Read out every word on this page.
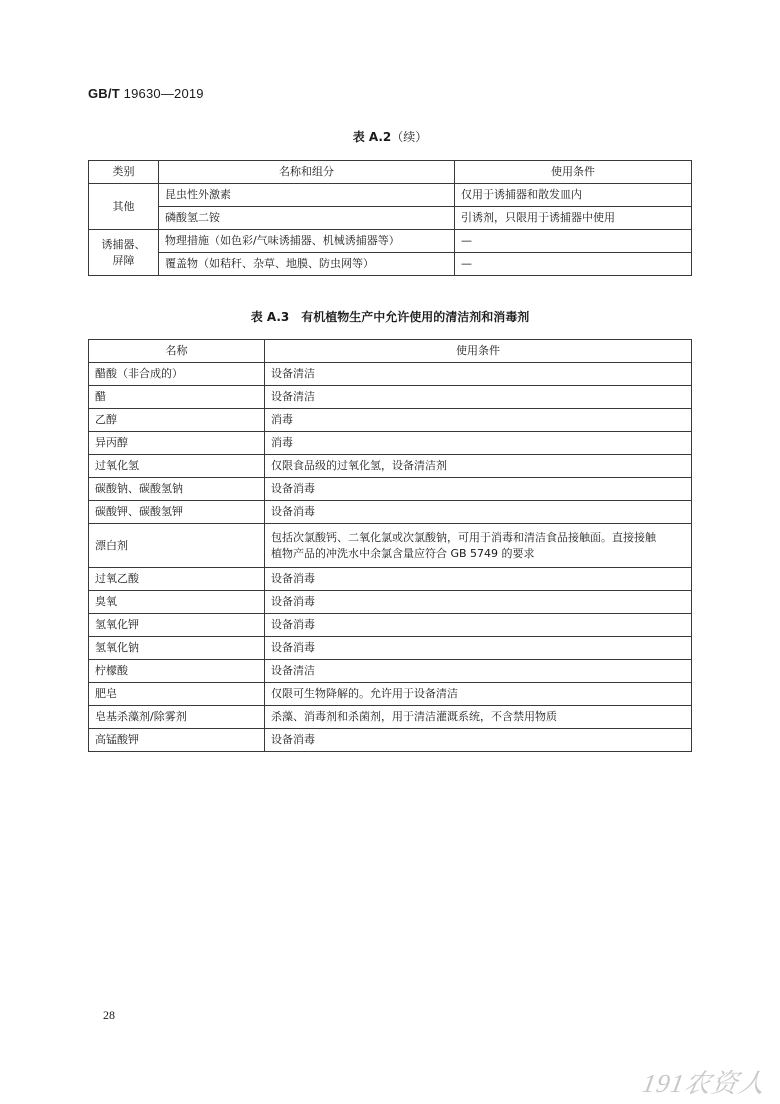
GB/T 19630—2019
表 A.2（续）
类别	名称和组分	使用条件
其他	昆虫性外激素	仅用于诱捕器和散发皿内
	磷酸氢二铵	引诱剂，只限用于诱捕器中使用

诱捕器、
屏障	物理措施（如色彩/气味诱捕器、机械诱捕器等）	—
	覆盖物（如秸秆、杂草、地膜、防虫网等）	—
表 A.3　有机植物生产中允许使用的清洁剂和消毒剂
名称	使用条件
醋酸（非合成的）	设备清洁
醋	设备清洁
乙醇	消毒
异丙醇	消毒
过氧化氢	仅限食品级的过氧化氢，设备清洁剂
碳酸钠、碳酸氢钠	设备消毒
碳酸钾、碳酸氢钾	设备消毒
漂白剂	包括次氯酸钙、二氧化氯或次氯酸钠，可用于消毒和清洁食品接触面。直接接触
植物产品的冲洗水中余氯含量应符合 GB 5749 的要求

过氧乙酸	设备消毒
臭氧	设备消毒
氢氧化钾	设备消毒
氢氧化钠	设备消毒
柠檬酸	设备清洁
肥皂	仅限可生物降解的。允许用于设备清洁
皂基杀藻剂/除雾剂	杀藻、消毒剂和杀菌剂，用于清洁灌溉系统，不含禁用物质
高锰酸钾	设备消毒
28
191农资人
